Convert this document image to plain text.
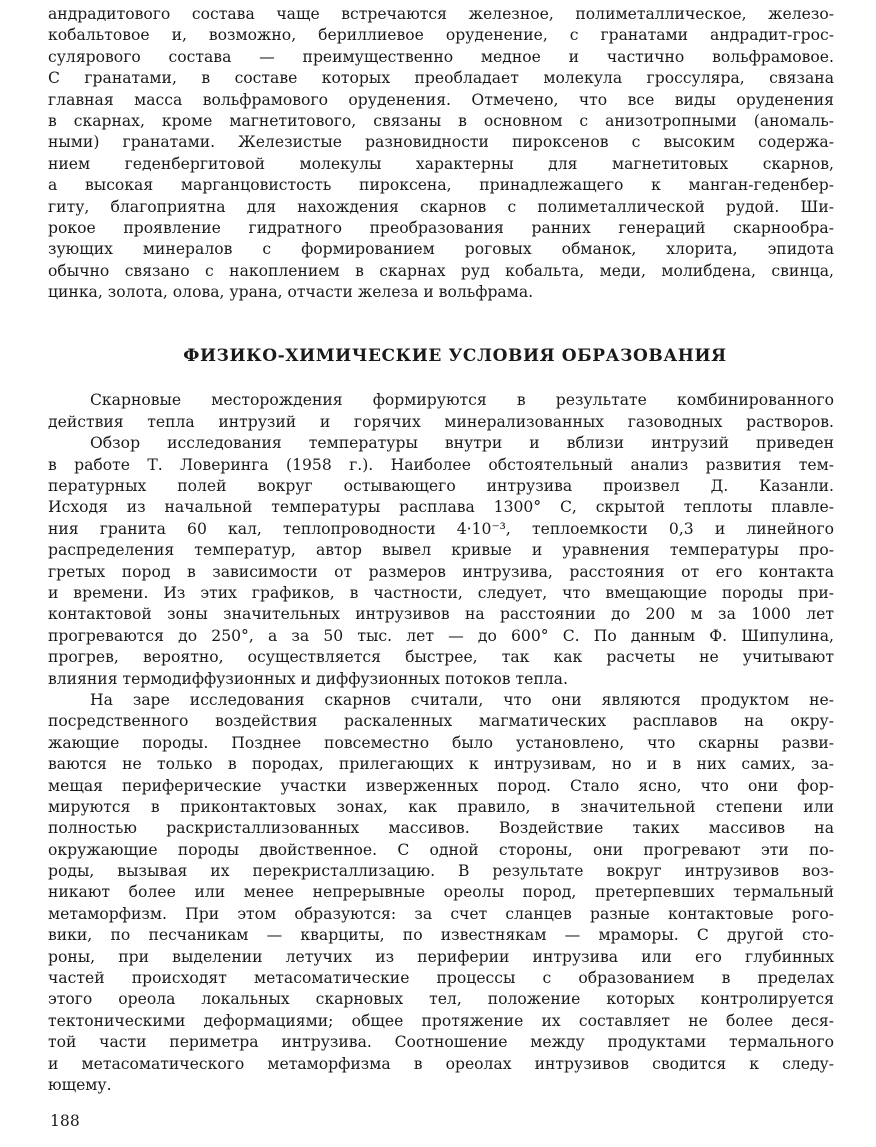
андрадитового состава чаще встречаются железное, полиметаллическое, железо-
кобальтовое и, возможно, бериллиевое оруденение, с гранатами андрадит-грос-
сулярового состава — преимущественно медное и частично вольфрамовое.
С гранатами, в составе которых преобладает молекула гроссуляра, связана
главная масса вольфрамового оруденения. Отмечено, что все виды оруденения
в скарнах, кроме магнетитового, связаны в основном с анизотропными (аномаль-
ными) гранатами. Железистые разновидности пироксенов с высоким содержа-
нием геденбергитовой молекулы характерны для магнетитовых скарнов,
а высокая марганцовистость пироксена, принадлежащего к манган-геденбер-
гиту, благоприятна для нахождения скарнов с полиметаллической рудой. Ши-
рокое проявление гидратного преобразования ранних генераций скарнообра-
зующих минералов с формированием роговых обманок, хлорита, эпидота
обычно связано с накоплением в скарнах руд кобальта, меди, молибдена, свинца,
цинка, золота, олова, урана, отчасти железа и вольфрама.
ФИЗИКО-ХИМИЧЕСКИЕ УСЛОВИЯ ОБРАЗОВАНИЯ
Скарновые месторождения формируются в результате комбинированного
действия тепла интрузий и горячих минерализованных газоводных растворов.
Обзор исследования температуры внутри и вблизи интрузий приведен
в работе Т. Ловеринга (1958 г.). Наиболее обстоятельный анализ развития тем-
пературных полей вокруг остывающего интрузива произвел Д. Казанли.
Исходя из начальной температуры расплава 1300° С, скрытой теплоты плавле-
ния гранита 60 кал, теплопроводности 4·10⁻³, теплоемкости 0,3 и линейного
распределения температур, автор вывел кривые и уравнения температуры про-
гретых пород в зависимости от размеров интрузива, расстояния от его контакта
и времени. Из этих графиков, в частности, следует, что вмещающие породы при-
контактовой зоны значительных интрузивов на расстоянии до 200 м за 1000 лет
прогреваются до 250°, а за 50 тыс. лет — до 600° С. По данным Ф. Шипулина,
прогрев, вероятно, осуществляется быстрее, так как расчеты не учитывают
влияния термодиффузионных и диффузионных потоков тепла.
На заре исследования скарнов считали, что они являются продуктом не-
посредственного воздействия раскаленных магматических расплавов на окру-
жающие породы. Позднее повсеместно было установлено, что скарны разви-
ваются не только в породах, прилегающих к интрузивам, но и в них самих, за-
мещая периферические участки изверженных пород. Стало ясно, что они фор-
мируются в приконтактовых зонах, как правило, в значительной степени или
полностью раскристаллизованных массивов. Воздействие таких массивов на
окружающие породы двойственное. С одной стороны, они прогревают эти по-
роды, вызывая их перекристаллизацию. В результате вокруг интрузивов воз-
никают более или менее непрерывные ореолы пород, претерпевших термальный
метаморфизм. При этом образуются: за счет сланцев разные контактовые рого-
вики, по песчаникам — кварциты, по известнякам — мраморы. С другой сто-
роны, при выделении летучих из периферии интрузива или его глубинных
частей происходят метасоматические процессы с образованием в пределах
этого ореола локальных скарновых тел, положение которых контролируется
тектоническими деформациями; общее протяжение их составляет не более деся-
той части периметра интрузива. Соотношение между продуктами термального
и метасоматического метаморфизма в ореолах интрузивов сводится к следу-
ющему.
188
